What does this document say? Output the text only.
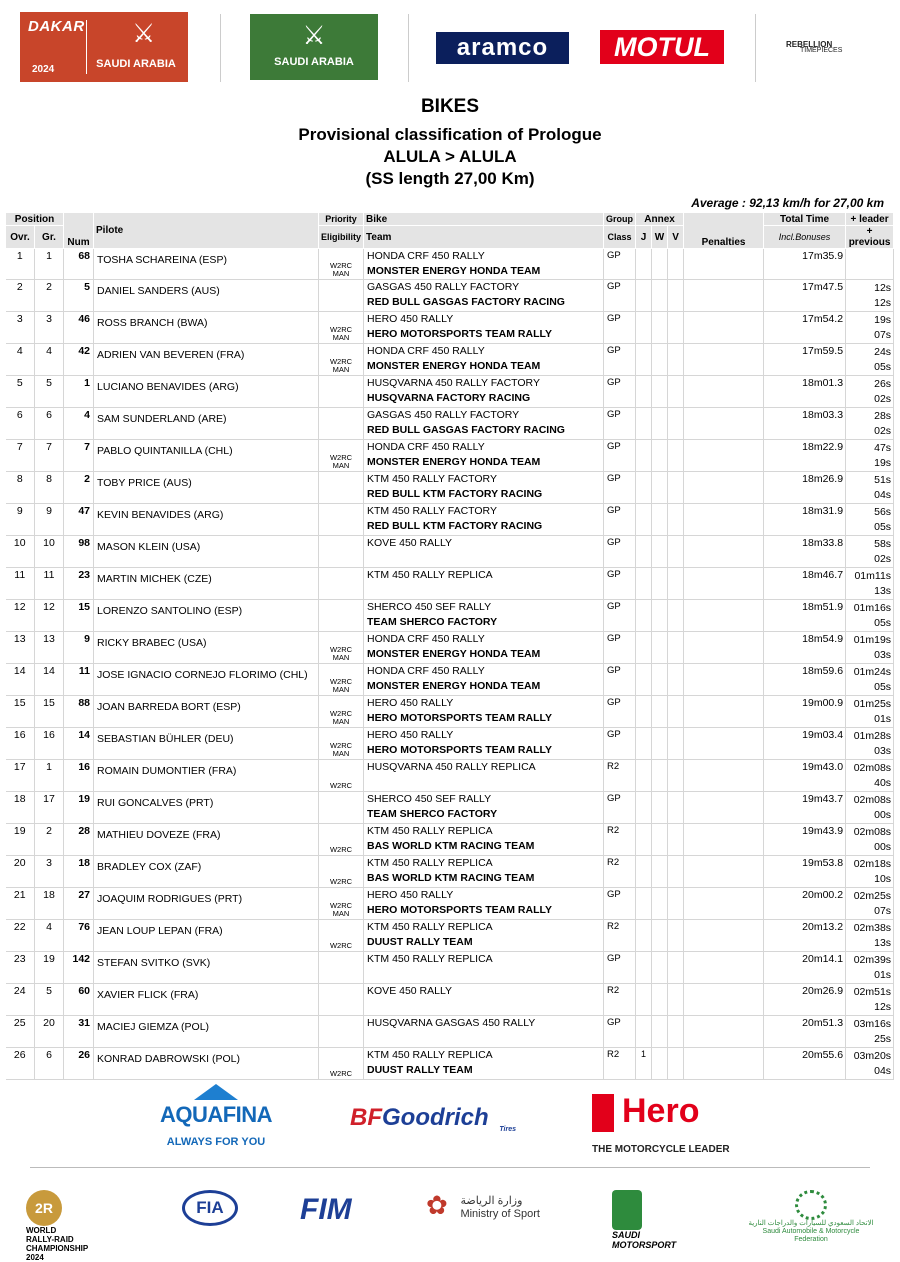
DAKAR
2024
⚔
SAUDI ARABIA
⚔
SAUDI ARABIA
aramco	MOTUL	REBELLION
TIMEPIECES
BIKES
Provisional classification of Prologue
ALULA > ALULA
(SS length 27,00 Km)
Average : 92,13 km/h for 27,00 km
Position		Num	Pilote	Priority	Bike	Group	Annex			Penalties	Total Time	+ leader
Ovr.	Gr.			Eligibility	Team	Class	J	W	V		Incl.Bonuses	+ previous
1	1	68	TOSHA SCHAREINA (ESP)	W2RC
MAN	HONDA CRF 450 RALLY
MONSTER ENERGY HONDA TEAM	GP					17m35.9	

2	2	5	DANIEL SANDERS (AUS)		GASGAS 450 RALLY FACTORY
RED BULL GASGAS FACTORY RACING	GP					17m47.5	12s
12s
3	3	46	ROSS BRANCH (BWA)	W2RC
MAN	HERO 450 RALLY
HERO MOTORSPORTS TEAM RALLY	GP					17m54.2	19s
07s
4	4	42	ADRIEN VAN BEVEREN (FRA)	W2RC
MAN	HONDA CRF 450 RALLY
MONSTER ENERGY HONDA TEAM	GP					17m59.5	24s
05s
5	5	1	LUCIANO BENAVIDES (ARG)		HUSQVARNA 450 RALLY FACTORY
HUSQVARNA FACTORY RACING	GP					18m01.3	26s
02s
6	6	4	SAM SUNDERLAND (ARE)		GASGAS 450 RALLY FACTORY
RED BULL GASGAS FACTORY RACING	GP					18m03.3	28s
02s
7	7	7	PABLO QUINTANILLA (CHL)	W2RC
MAN	HONDA CRF 450 RALLY
MONSTER ENERGY HONDA TEAM	GP					18m22.9	47s
19s
8	8	2	TOBY PRICE (AUS)		KTM 450 RALLY FACTORY
RED BULL KTM FACTORY RACING	GP					18m26.9	51s
04s
9	9	47	KEVIN BENAVIDES (ARG)		KTM 450 RALLY FACTORY
RED BULL KTM FACTORY RACING	GP					18m31.9	56s
05s
10	10	98	MASON KLEIN (USA)		KOVE 450 RALLY	GP					18m33.8	58s
02s
11	11	23	MARTIN MICHEK (CZE)		KTM 450 RALLY REPLICA	GP					18m46.7	01m11s
13s
12	12	15	LORENZO SANTOLINO (ESP)		SHERCO 450 SEF RALLY
TEAM SHERCO FACTORY	GP					18m51.9	01m16s
05s
13	13	9	RICKY BRABEC (USA)	W2RC
MAN	HONDA CRF 450 RALLY
MONSTER ENERGY HONDA TEAM	GP					18m54.9	01m19s
03s
14	14	11	JOSE IGNACIO CORNEJO FLORIMO (CHL)	W2RC
MAN	HONDA CRF 450 RALLY
MONSTER ENERGY HONDA TEAM	GP					18m59.6	01m24s
05s
15	15	88	JOAN BARREDA BORT (ESP)	W2RC
MAN	HERO 450 RALLY
HERO MOTORSPORTS TEAM RALLY	GP					19m00.9	01m25s
01s
16	16	14	SEBASTIAN BÜHLER (DEU)	W2RC
MAN	HERO 450 RALLY
HERO MOTORSPORTS TEAM RALLY	GP					19m03.4	01m28s
03s
17	1	16	ROMAIN DUMONTIER (FRA)	W2RC	HUSQVARNA 450 RALLY REPLICA	R2					19m43.0	02m08s
40s
18	17	19	RUI GONCALVES (PRT)		SHERCO 450 SEF RALLY
TEAM SHERCO FACTORY	GP					19m43.7	02m08s
00s
19	2	28	MATHIEU DOVEZE (FRA)	W2RC	KTM 450 RALLY REPLICA
BAS WORLD KTM RACING TEAM	R2					19m43.9	02m08s
00s
20	3	18	BRADLEY COX (ZAF)	W2RC	KTM 450 RALLY REPLICA
BAS WORLD KTM RACING TEAM	R2					19m53.8	02m18s
10s
21	18	27	JOAQUIM RODRIGUES (PRT)	W2RC
MAN	HERO 450 RALLY
HERO MOTORSPORTS TEAM RALLY	GP					20m00.2	02m25s
07s
22	4	76	JEAN LOUP LEPAN (FRA)	W2RC	KTM 450 RALLY REPLICA
DUUST RALLY TEAM	R2					20m13.2	02m38s
13s
23	19	142	STEFAN SVITKO (SVK)		KTM 450 RALLY REPLICA	GP					20m14.1	02m39s
01s
24	5	60	XAVIER FLICK (FRA)		KOVE 450 RALLY	R2					20m26.9	02m51s
12s
25	20	31	MACIEJ GIEMZA (POL)		HUSQVARNA GASGAS 450 RALLY	GP					20m51.3	03m16s
25s
26	6	26	KONRAD DABROWSKI (POL)	W2RC	KTM 450 RALLY REPLICA
DUUST RALLY TEAM	R2	1				20m55.6	03m20s
04s
AQUAFINA
ALWAYS FOR YOU
BFGoodrich	Tires	Hero
THE MOTORCYCLE LEADER
2R WORLD
RALLY-RAID
CHAMPIONSHIP
2024
FIA	FIM	✿ وزارة الرياضة
Ministry of Sport
SAUDI
MOTORSPORT
الاتحاد السعودي للسيارات والدراجات النارية
Saudi Automobile & Motorcycle Federation
